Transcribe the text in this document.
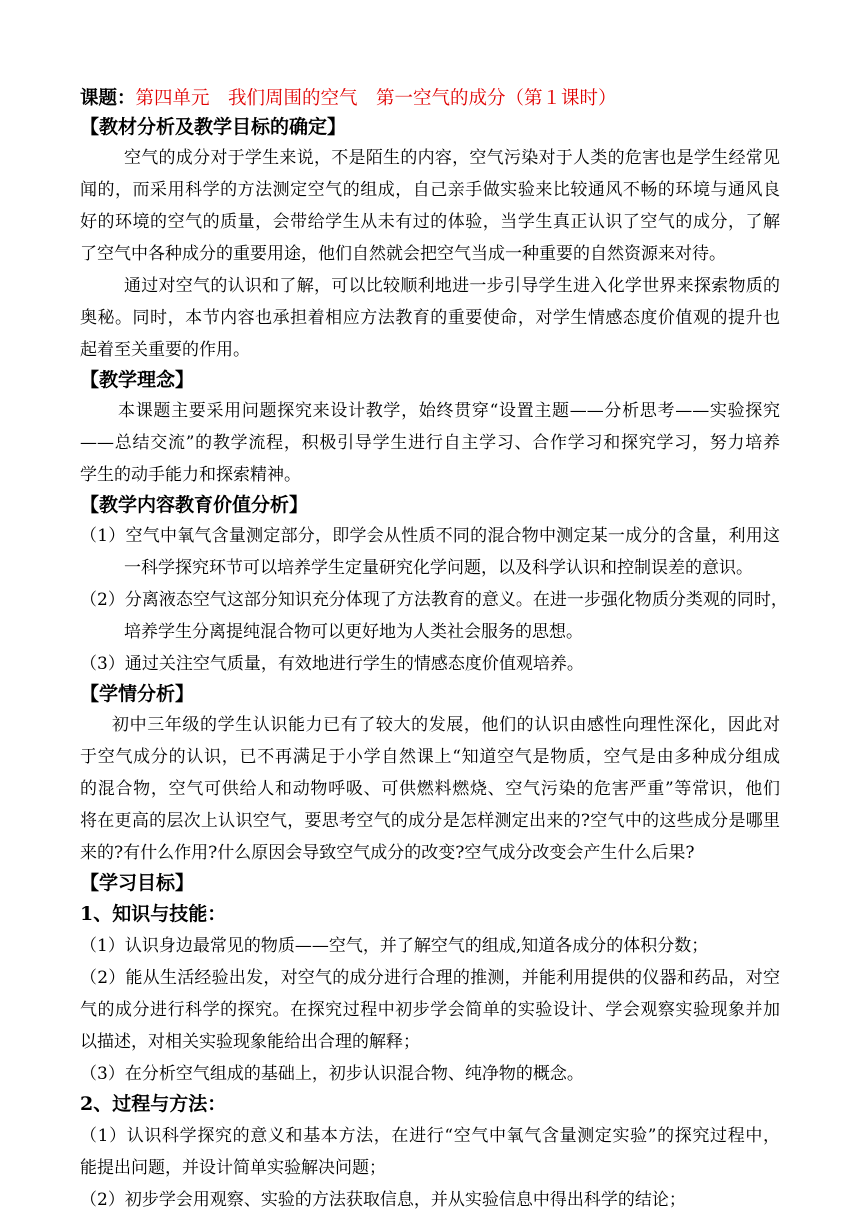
课题：第四单元　我们周围的空气　第一空气的成分（第１课时）
【教材分析及教学目标的确定】
空气的成分对于学生来说，不是陌生的内容，空气污染对于人类的危害也是学生经常见
闻的，而采用科学的方法测定空气的组成，自己亲手做实验来比较通风不畅的环境与通风良
好的环境的空气的质量，会带给学生从未有过的体验，当学生真正认识了空气的成分，了解
了空气中各种成分的重要用途，他们自然就会把空气当成一种重要的自然资源来对待。
通过对空气的认识和了解，可以比较顺利地进一步引导学生进入化学世界来探索物质的
奥秘。同时，本节内容也承担着相应方法教育的重要使命，对学生情感态度价值观的提升也
起着至关重要的作用。
【教学理念】
本课题主要采用问题探究来设计教学，始终贯穿“设置主题——分析思考——实验探究
——总结交流”的教学流程，积极引导学生进行自主学习、合作学习和探究学习，努力培养
学生的动手能力和探索精神。
【教学内容教育价值分析】
（1）空气中氧气含量测定部分，即学会从性质不同的混合物中测定某一成分的含量，利用这
一科学探究环节可以培养学生定量研究化学问题，以及科学认识和控制误差的意识。
（2）分离液态空气这部分知识充分体现了方法教育的意义。在进一步强化物质分类观的同时，
培养学生分离提纯混合物可以更好地为人类社会服务的思想。
（3）通过关注空气质量，有效地进行学生的情感态度价值观培养。
【学情分析】
初中三年级的学生认识能力已有了较大的发展，他们的认识由感性向理性深化，因此对
于空气成分的认识，已不再满足于小学自然课上“知道空气是物质，空气是由多种成分组成
的混合物，空气可供给人和动物呼吸、可供燃料燃烧、空气污染的危害严重”等常识，他们
将在更高的层次上认识空气，要思考空气的成分是怎样测定出来的?空气中的这些成分是哪里
来的?有什么作用?什么原因会导致空气成分的改变?空气成分改变会产生什么后果?
【学习目标】
1、知识与技能：
（1）认识身边最常见的物质——空气，并了解空气的组成,知道各成分的体积分数；
（2）能从生活经验出发，对空气的成分进行合理的推测，并能利用提供的仪器和药品，对空
气的成分进行科学的探究。在探究过程中初步学会简单的实验设计、学会观察实验现象并加
以描述，对相关实验现象能给出合理的解释；
（3）在分析空气组成的基础上，初步认识混合物、纯净物的概念。
2、过程与方法：
（1）认识科学探究的意义和基本方法，在进行“空气中氧气含量测定实验”的探究过程中，
能提出问题，并设计简单实验解决问题；
（2）初步学会用观察、实验的方法获取信息，并从实验信息中得出科学的结论；
